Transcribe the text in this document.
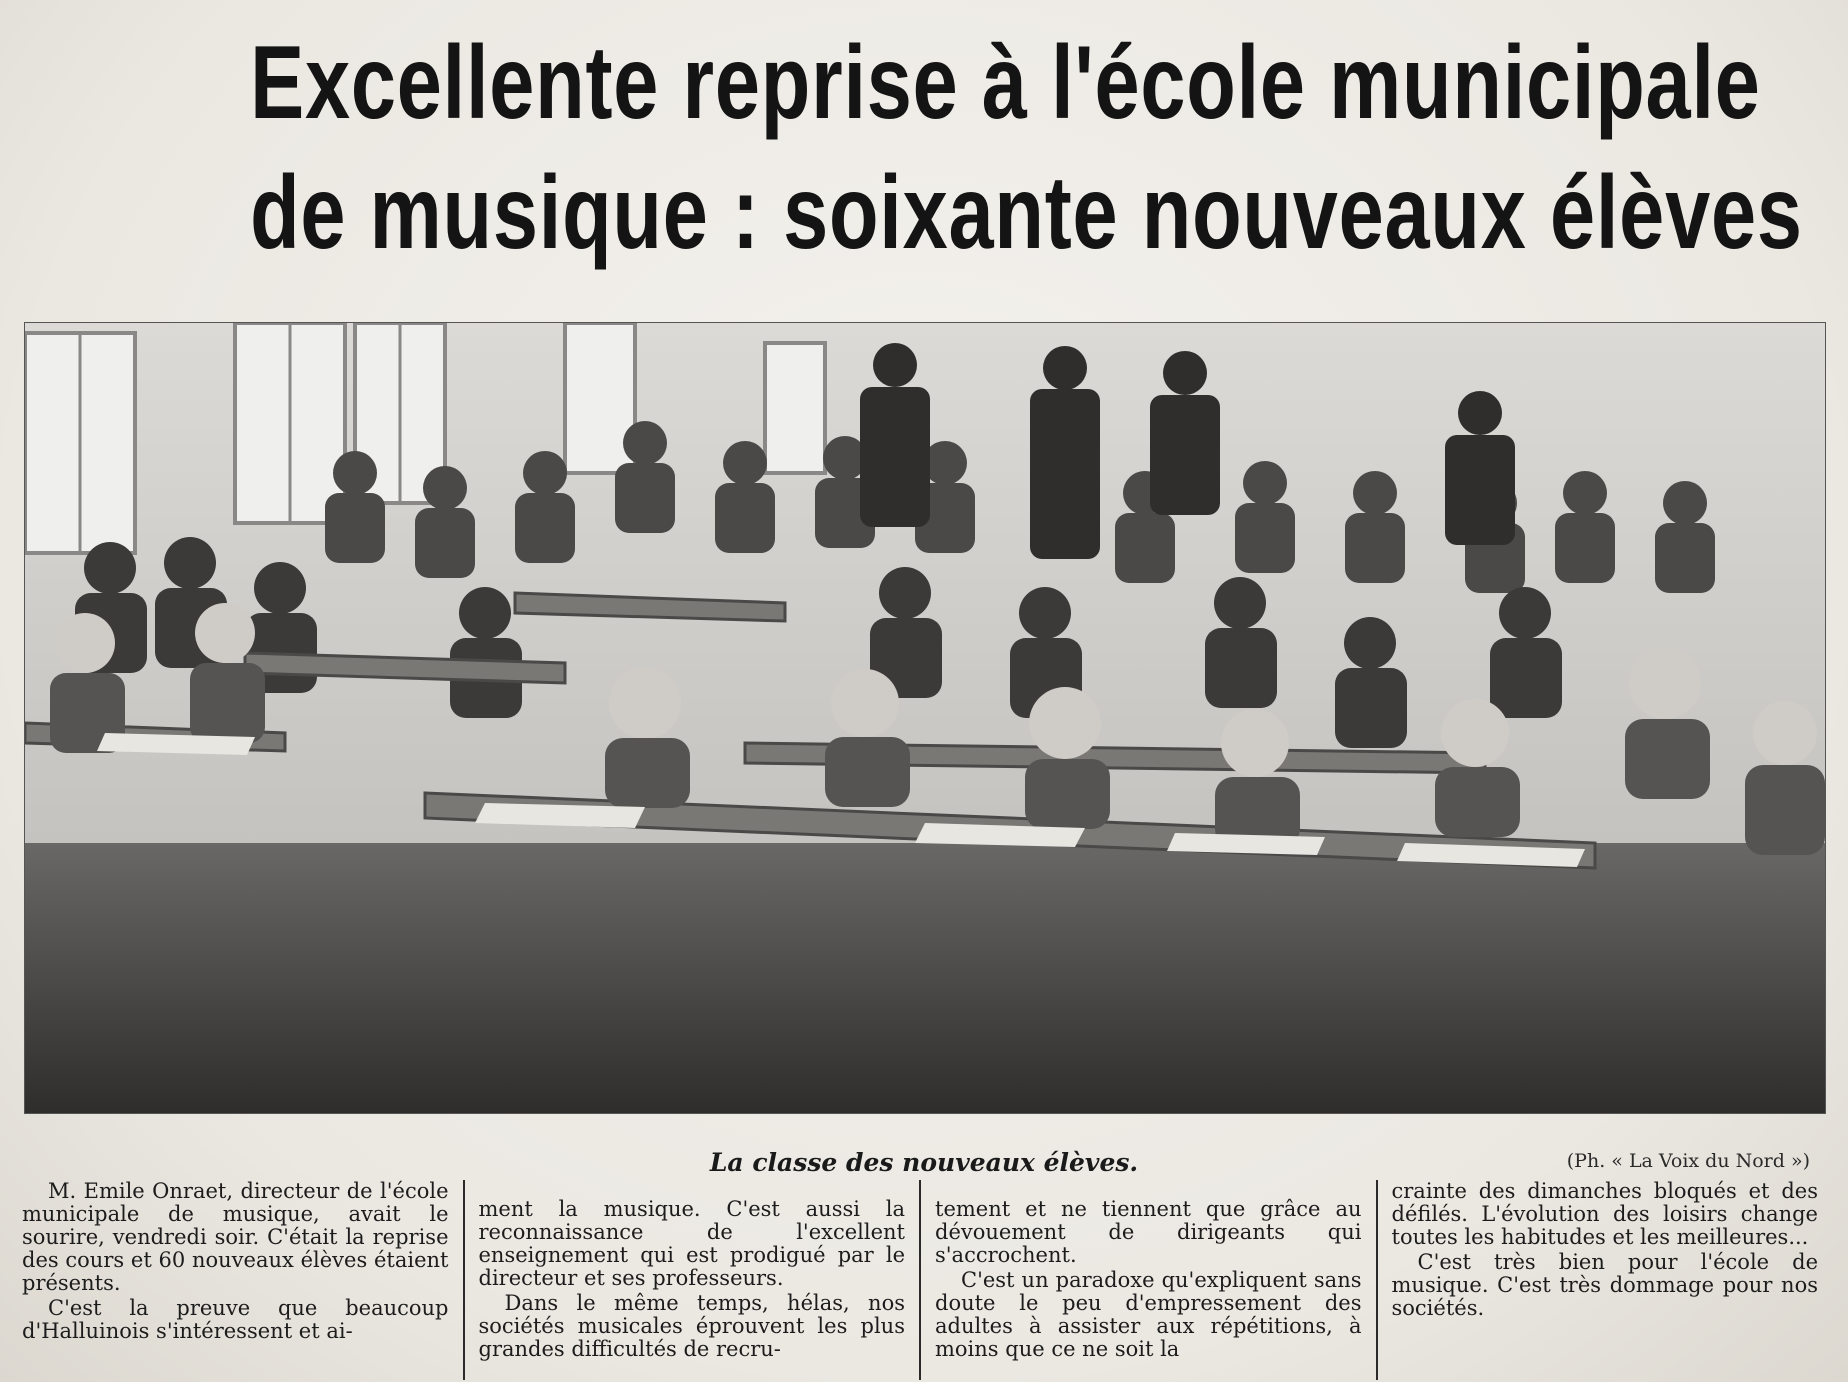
Excellente reprise à l'école municipale
de musique : soixante nouveaux élèves
La classe des nouveaux élèves.	(Ph. « La Voix du Nord »)

M. Emile Onraet, directeur de l'école municipale de musique, avait le sourire, vendredi soir. C'était la reprise des cours et 60 nouveaux élèves étaient présents.

C'est la preuve que beaucoup d'Halluinois s'intéressent et ai-

ment la musique. C'est aussi la reconnaissance de l'excellent enseignement qui est prodigué par le directeur et ses professeurs.

Dans le même temps, hélas, nos sociétés musicales éprouvent les plus grandes difficultés de recru-

tement et ne tiennent que grâce au dévouement de dirigeants qui s'accrochent.

C'est un paradoxe qu'expliquent sans doute le peu d'empressement des adultes à assister aux répétitions, à moins que ce ne soit la

crainte des dimanches bloqués et des défilés. L'évolution des loisirs change toutes les habitudes et les meilleures...

C'est très bien pour l'école de musique. C'est très dommage pour nos sociétés.
